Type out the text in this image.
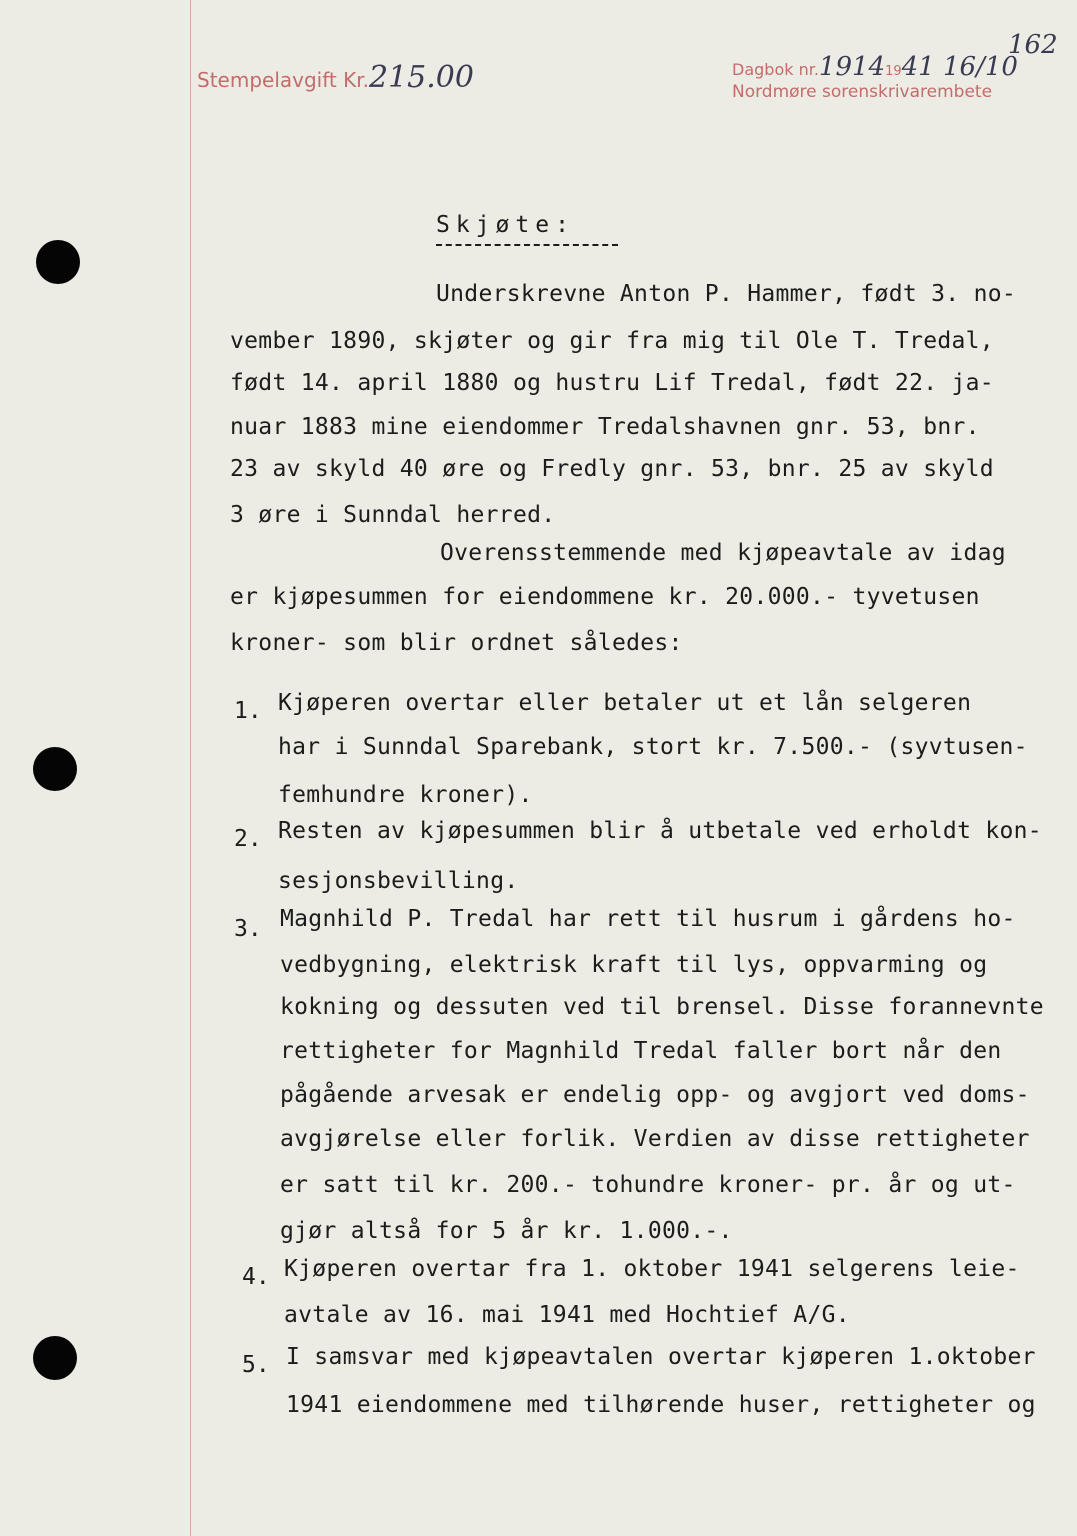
Stempelavgift Kr.215.00	Dagbok nr.19141941 16/10
162
Nordmøre sorenskrivarembete
Skjøte:
Underskrevne Anton P. Hammer, født 3. no-
vember 1890, skjøter og gir fra mig til Ole T. Tredal,
født 14. april 1880 og hustru Lif Tredal, født 22. ja-
nuar 1883 mine eiendommer Tredalshavnen gnr. 53, bnr.
23 av skyld 40 øre og Fredly gnr. 53, bnr. 25 av skyld
3 øre i Sunndal herred.
Overensstemmende med kjøpeavtale av idag
er kjøpesummen for eiendommene kr. 20.000.- tyvetusen
kroner- som blir ordnet således:
1. Kjøperen overtar eller betaler ut et lån selgeren
har i Sunndal Sparebank, stort kr. 7.500.- (syvtusen-
femhundre kroner).
2. Resten av kjøpesummen blir å utbetale ved erholdt kon-
sesjonsbevilling.
3. Magnhild P. Tredal har rett til husrum i gårdens ho-
vedbygning, elektrisk kraft til lys, oppvarming og
kokning og dessuten ved til brensel. Disse forannevnte
rettigheter for Magnhild Tredal faller bort når den
pågående arvesak er endelig opp- og avgjort ved doms-
avgjørelse eller forlik. Verdien av disse rettigheter
er satt til kr. 200.- tohundre kroner- pr. år og ut-
gjør altså for 5 år kr. 1.000.-.
4. Kjøperen overtar fra 1. oktober 1941 selgerens leie-
avtale av 16. mai 1941 med Hochtief A/G.
5. I samsvar med kjøpeavtalen overtar kjøperen 1.oktober
1941 eiendommene med tilhørende huser, rettigheter og
